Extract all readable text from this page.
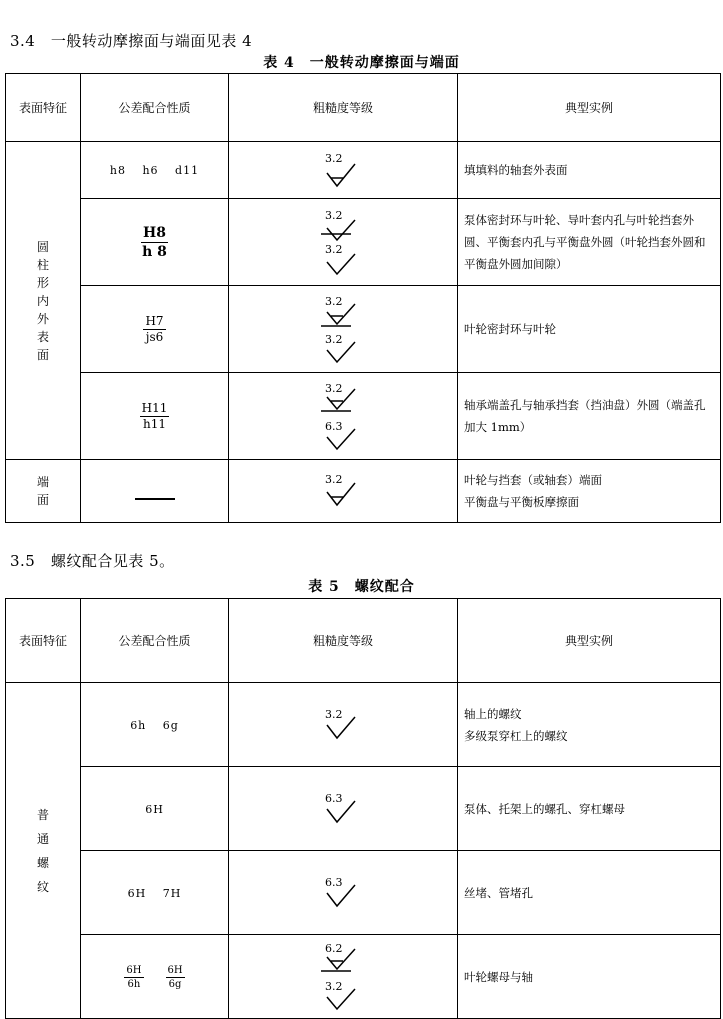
3.4　一般转动摩擦面与端面见表 4
表 4　一般转动摩擦面与端面
表面特征	公差配合性质	粗糙度等级	典型实例
圆柱形内外表面	h8　 h6　 d11	3.2	填填料的轴套外表面

	$\frac{H8}{h 8}$	3.2
3.2	泵体密封环与叶轮、导叶套内孔与叶轮挡套外圆、平衡套内孔与平衡盘外圆（叶轮挡套外圆和平衡盘外圆加间隙）

	$\frac{H7}{js6}$	3.2
3.2	叶轮密封环与叶轮

	$\frac{H11}{h11}$	3.2
6.3	轴承端盖孔与轴承挡套（挡油盘）外圆（端盖孔加大 1mm）
端面		3.2	叶轮与挡套（或轴套）端面
平衡盘与平衡板摩擦面
3.5　螺纹配合见表 5。
表 5　螺纹配合
表面特征	公差配合性质	粗糙度等级	典型实例
普通螺纹	6h　 6g	3.2	轴上的螺纹
多级泵穿杠上的螺纹

	6H	6.3	泵体、托架上的螺孔、穿杠螺母
	6H　 7H	6.3	丝堵、管堵孔

	$\frac{6H}{6h} \frac{6H}{6g}$	6.2
3.2	叶轮螺母与轴
